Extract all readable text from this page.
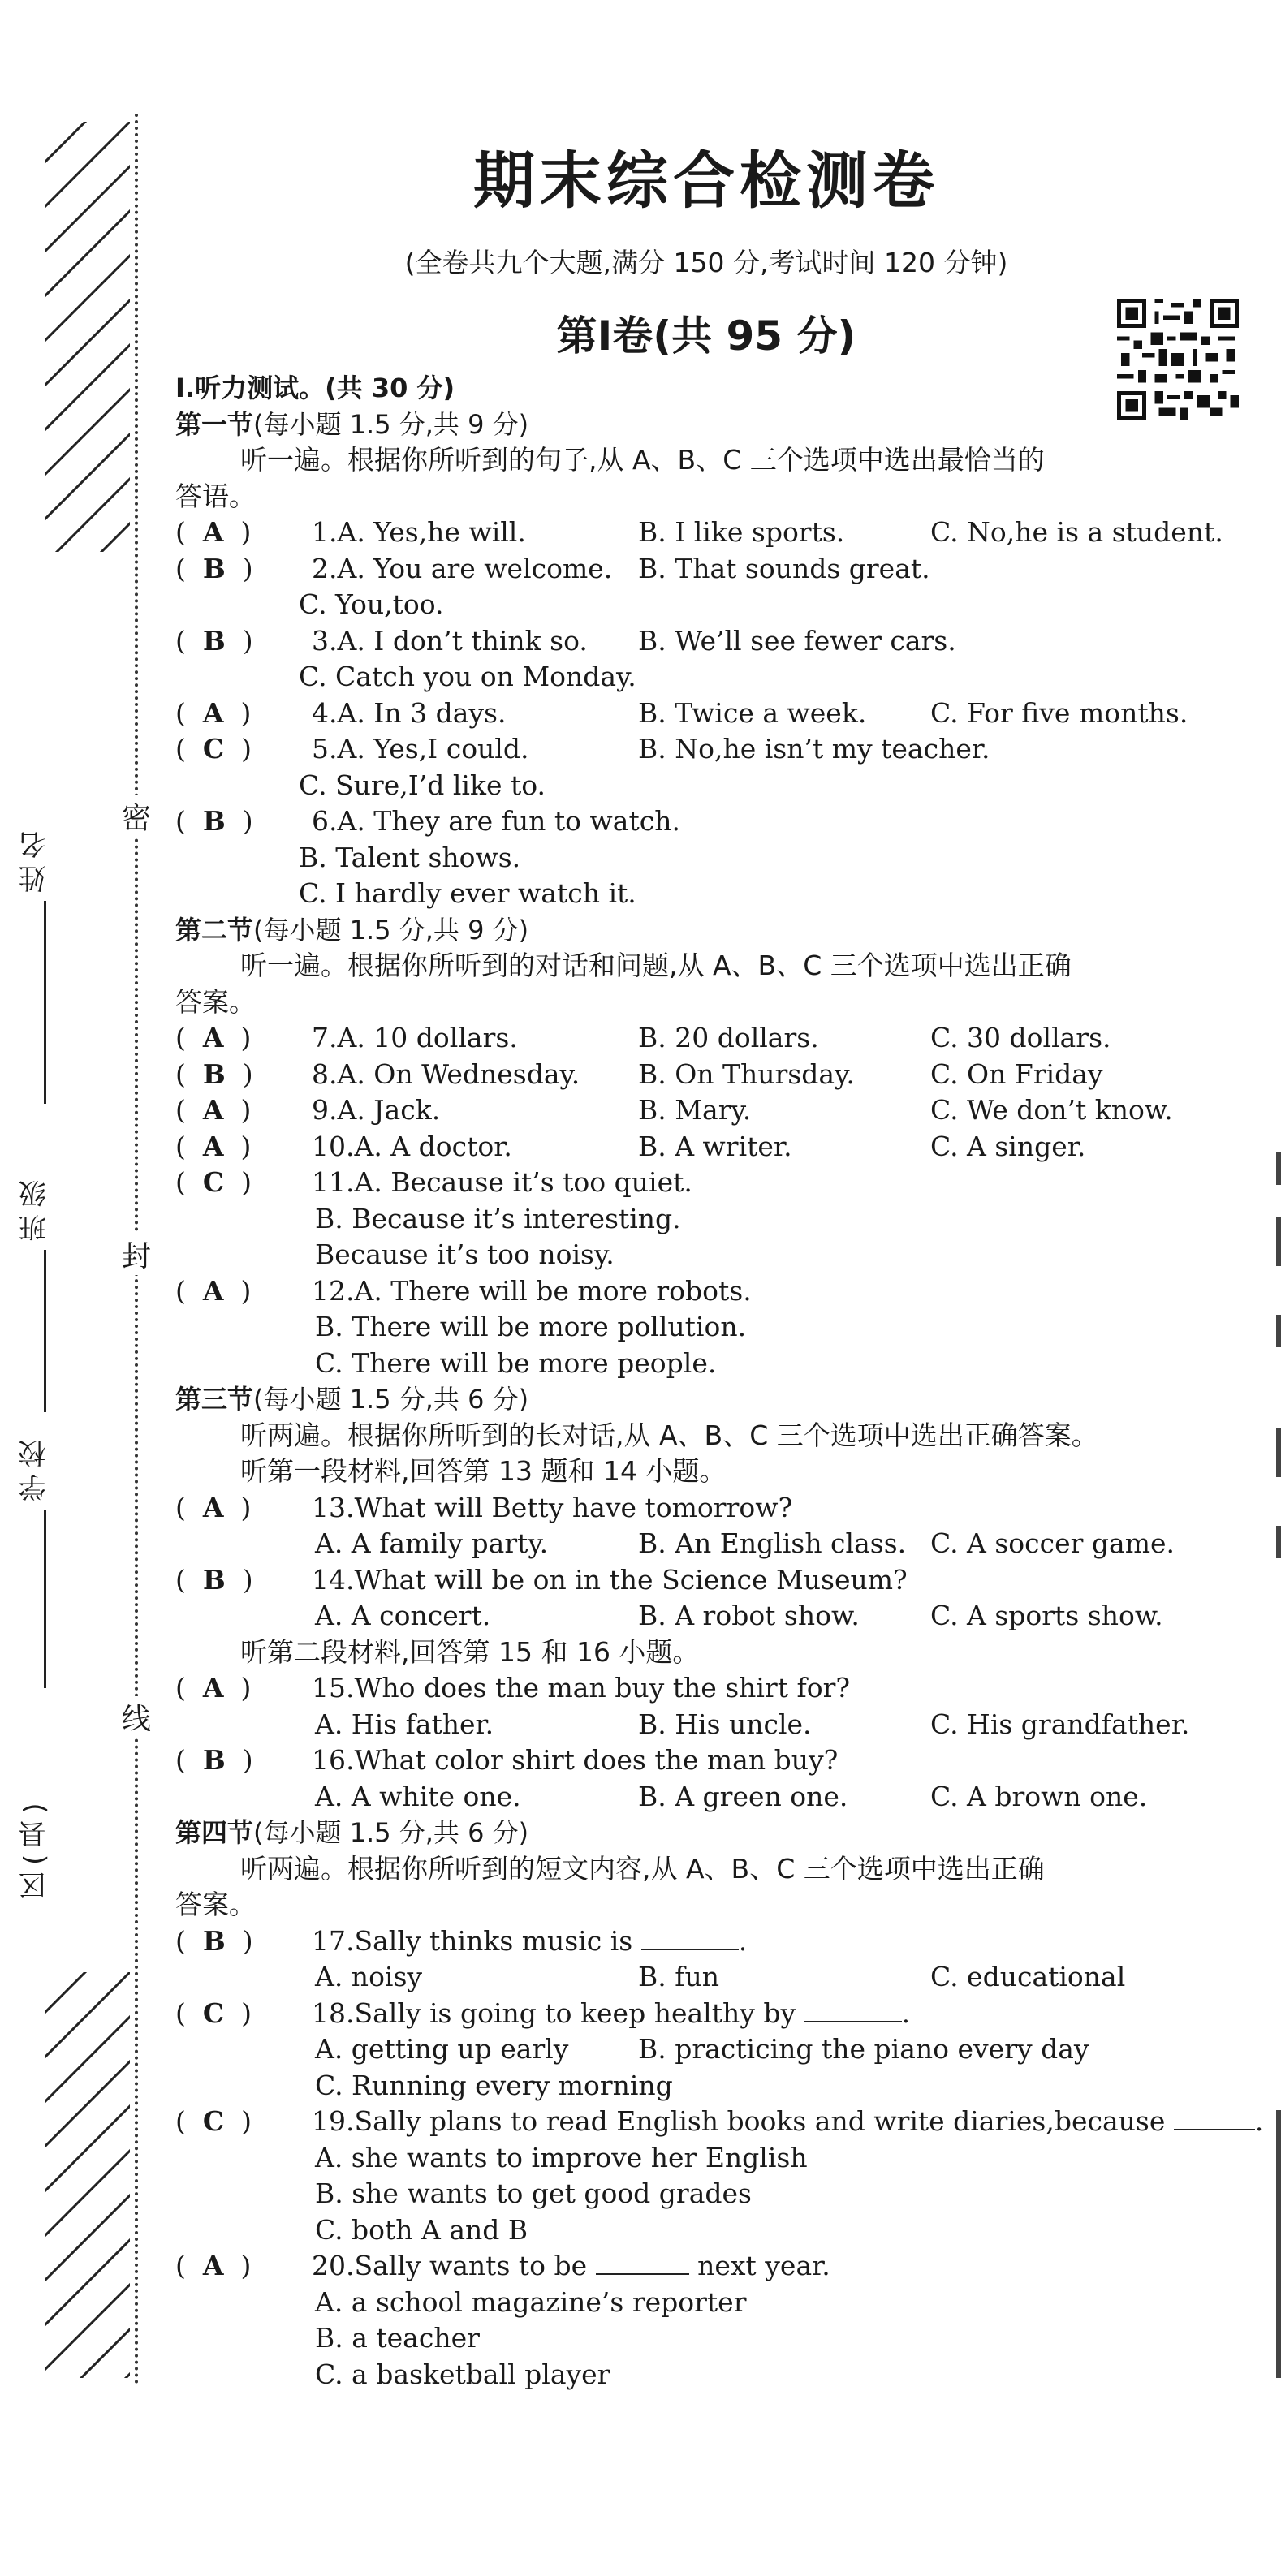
姓名
班级
学校
区(县)
密
封
线
期末综合检测卷
(全卷共九个大题,满分 150 分,考试时间 120 分钟)
第Ⅰ卷(共 95 分)
Ⅰ.听力测试。(共 30 分)
第一节(每小题 1.5 分,共 9 分)
听一遍。根据你所听到的句子,从 A、B、C 三个选项中选出最恰当的
答语。
(  A  ) 1.A. Yes,he will.	B. I like sports.	C. No,he is a student.
(  B  ) 2.A. You are welcome. B. That sounds great.
C. You,too.
(  B  ) 3.A. I don’t think so. B. We’ll see fewer cars.
C. Catch you on Monday.
(  A  ) 4.A. In 3 days.	B. Twice a week. C. For five months.
(  C  ) 5.A. Yes,I could.	B. No,he isn’t my teacher.
C. Sure,I’d like to.
(  B  ) 6.A. They are fun to watch.
B. Talent shows.
C. I hardly ever watch it.
第二节(每小题 1.5 分,共 9 分)
听一遍。根据你所听到的对话和问题,从 A、B、C 三个选项中选出正确
答案。
(  A  ) 7.A. 10 dollars.	B. 20 dollars.	C. 30 dollars.
(  B  ) 8.A. On Wednesday. B. On Thursday.	C. On Friday
(  A  ) 9.A. Jack.	B. Mary.	C. We don’t know.
(  A  ) 10.A. A doctor.	B. A writer.	C. A singer.
(  C  ) 11.A. Because it’s too quiet.
B. Because it’s interesting.
Because it’s too noisy.
(  A  ) 12.A. There will be more robots.
B. There will be more pollution.
C. There will be more people.
第三节(每小题 1.5 分,共 6 分)
听两遍。根据你所听到的长对话,从 A、B、C 三个选项中选出正确答案。
听第一段材料,回答第 13 题和 14 小题。
(  A  ) 13.What will Betty have tomorrow?
A. A family party.	B. An English class. C. A soccer game.
(  B  ) 14.What will be on in the Science Museum?
A. A concert.	B. A robot show.	C. A sports show.
听第二段材料,回答第 15 和 16 小题。
(  A  ) 15.Who does the man buy the shirt for?
A. His father.	B. His uncle.	C. His grandfather.
(  B  ) 16.What color shirt does the man buy?
A. A white one.	B. A green one.	C. A brown one.
第四节(每小题 1.5 分,共 6 分)
听两遍。根据你所听到的短文内容,从 A、B、C 三个选项中选出正确
答案。
(  B  ) 17.Sally thinks music is	.
A. noisy	B. fun	C. educational
(  C  ) 18.Sally is going to keep healthy by	.
A. getting up early	B. practicing the piano every day
C. Running every morning
(  C  ) 19.Sally plans to read English books and write diaries,because	.
A. she wants to improve her English
B. she wants to get good grades
C. both A and B
(  A  ) 20.Sally wants to be	next year.
A. a school magazine’s reporter
B. a teacher
C. a basketball player
